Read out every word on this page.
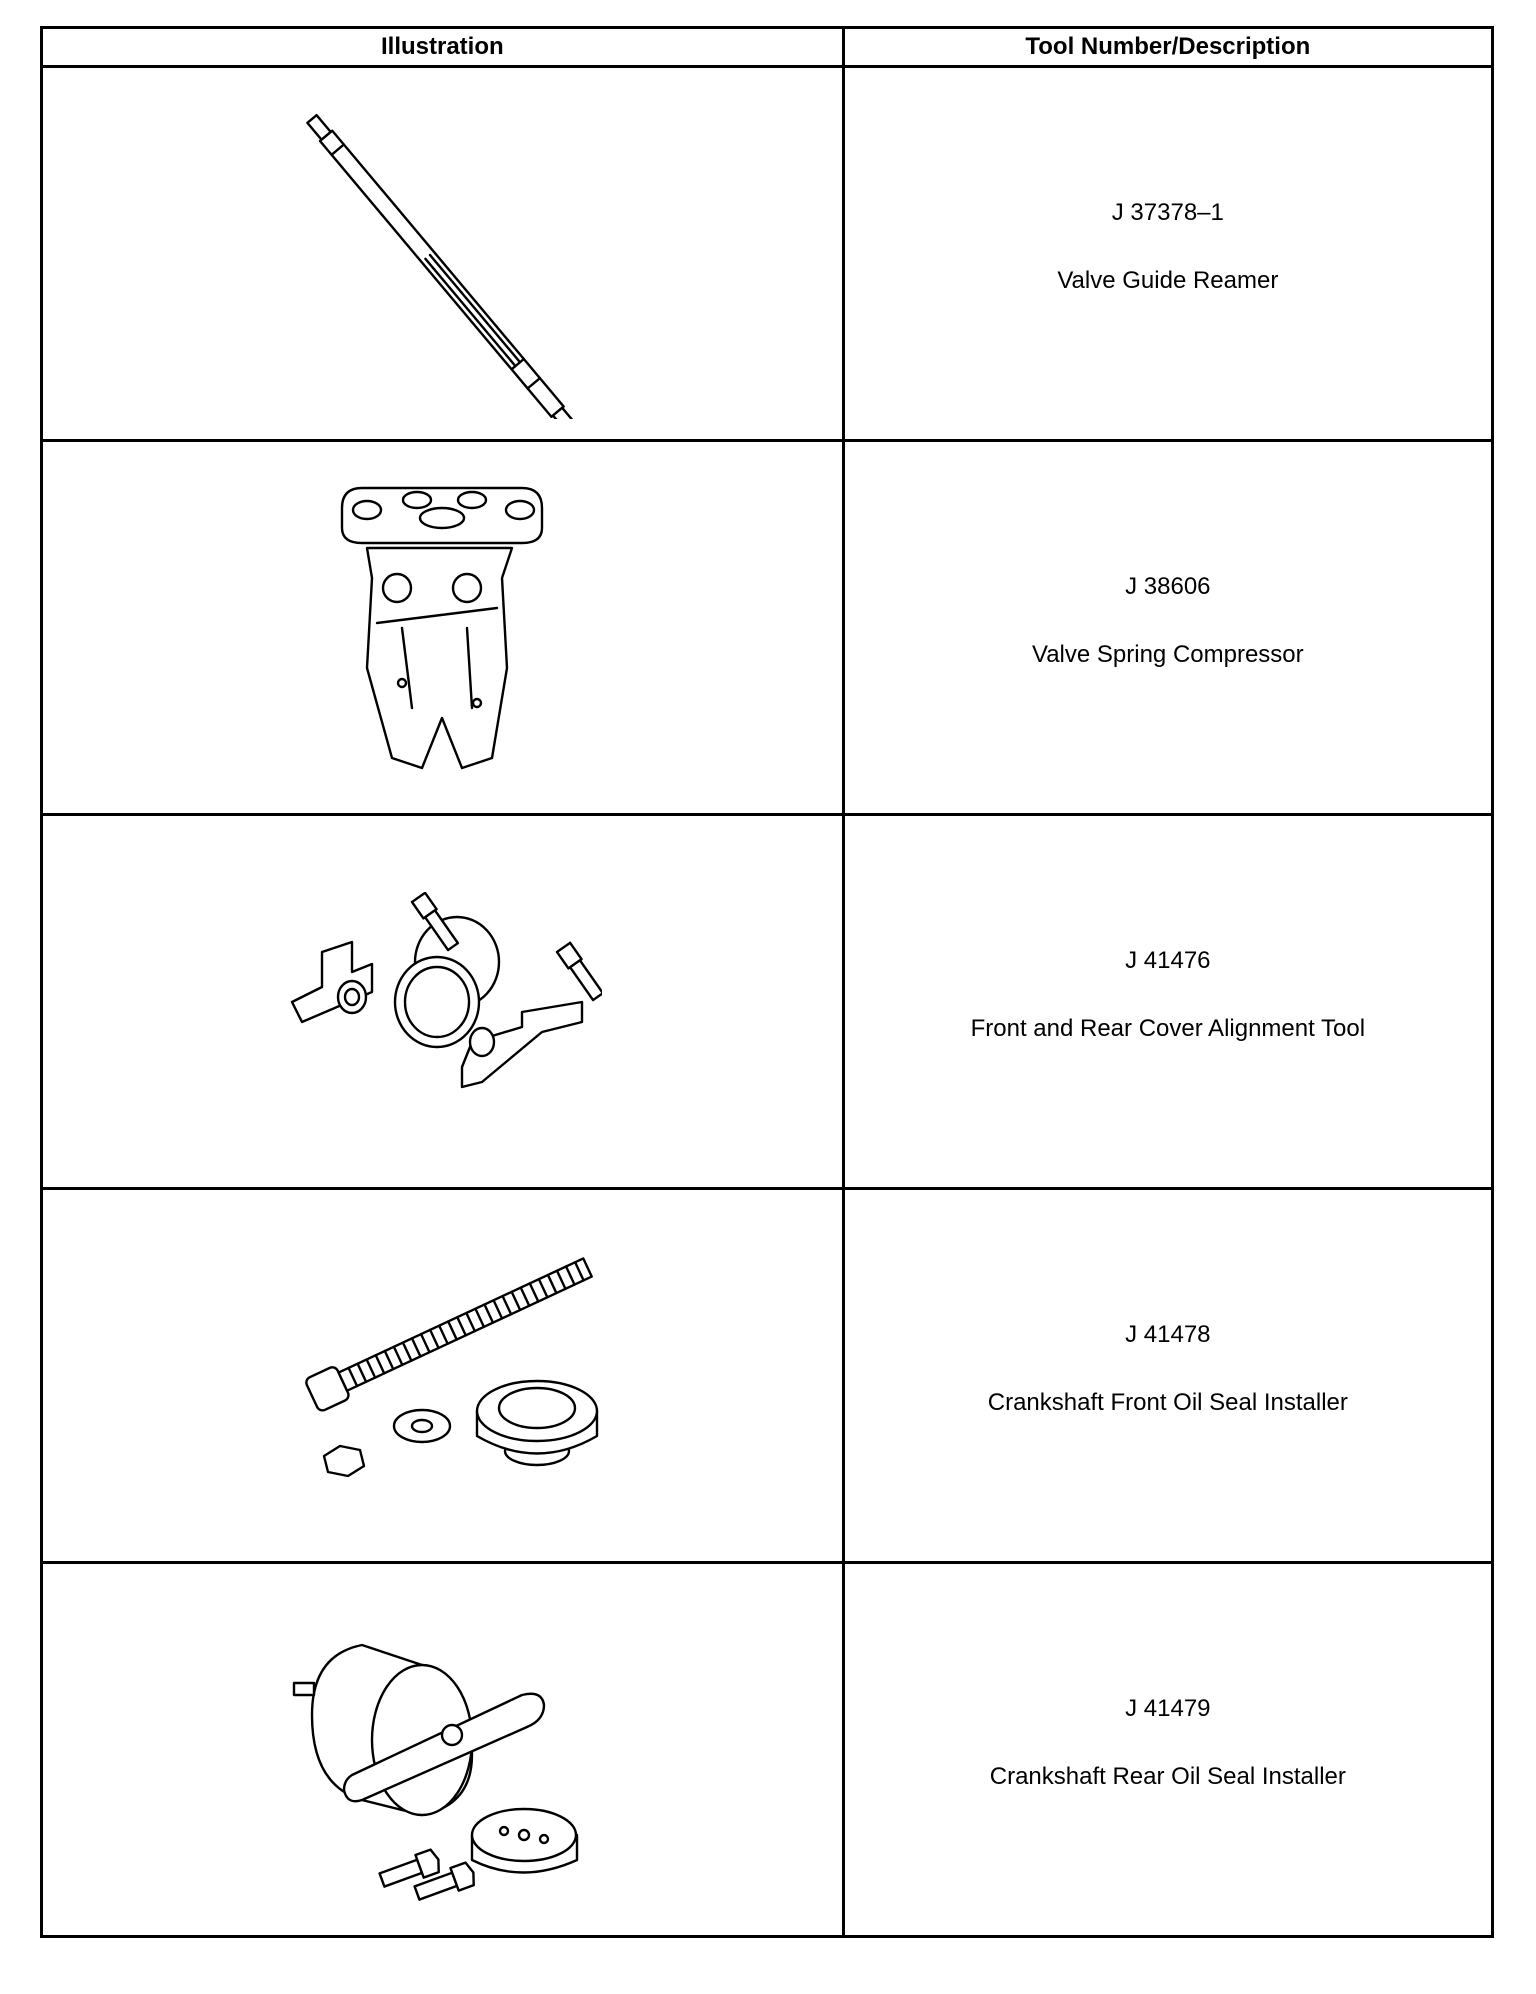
Illustration	Tool Number/Description

J 37378–1
Valve Guide Reamer

J 38606
Valve Spring Compressor

J 41476
Front and Rear Cover Alignment Tool

J 41478
Crankshaft Front Oil Seal Installer

J 41479
Crankshaft Rear Oil Seal Installer
